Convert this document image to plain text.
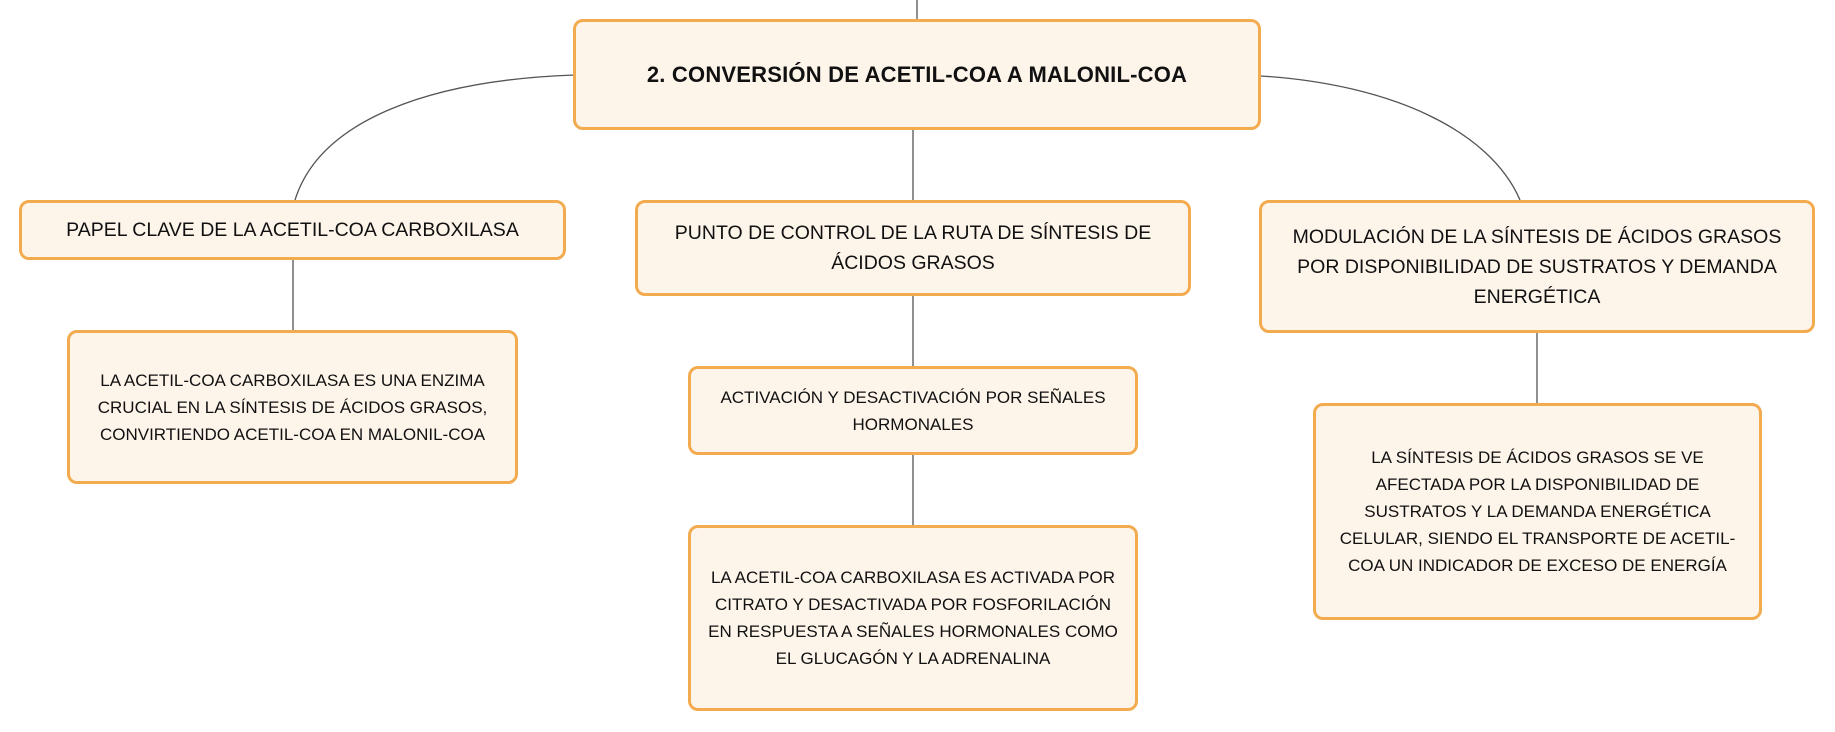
2. CONVERSIÓN DE ACETIL-COA A MALONIL-COA
PAPEL CLAVE DE LA ACETIL-COA CARBOXILASA	PUNTO DE CONTROL DE LA RUTA DE SÍNTESIS DE ÁCIDOS GRASOS
MODULACIÓN DE LA SÍNTESIS DE ÁCIDOS GRASOS POR DISPONIBILIDAD DE SUSTRATOS Y DEMANDA ENERGÉTICA
LA ACETIL-COA CARBOXILASA ES UNA ENZIMA CRUCIAL EN LA SÍNTESIS DE ÁCIDOS GRASOS, CONVIRTIENDO ACETIL-COA EN MALONIL-COA
ACTIVACIÓN Y DESACTIVACIÓN POR SEÑALES HORMONALES
LA ACETIL-COA CARBOXILASA ES ACTIVADA POR CITRATO Y DESACTIVADA POR FOSFORILACIÓN EN RESPUESTA A SEÑALES HORMONALES COMO EL GLUCAGÓN Y LA ADRENALINA
LA SÍNTESIS DE ÁCIDOS GRASOS SE VE AFECTADA POR LA DISPONIBILIDAD DE SUSTRATOS Y LA DEMANDA ENERGÉTICA CELULAR, SIENDO EL TRANSPORTE DE ACETIL-COA UN INDICADOR DE EXCESO DE ENERGÍA
